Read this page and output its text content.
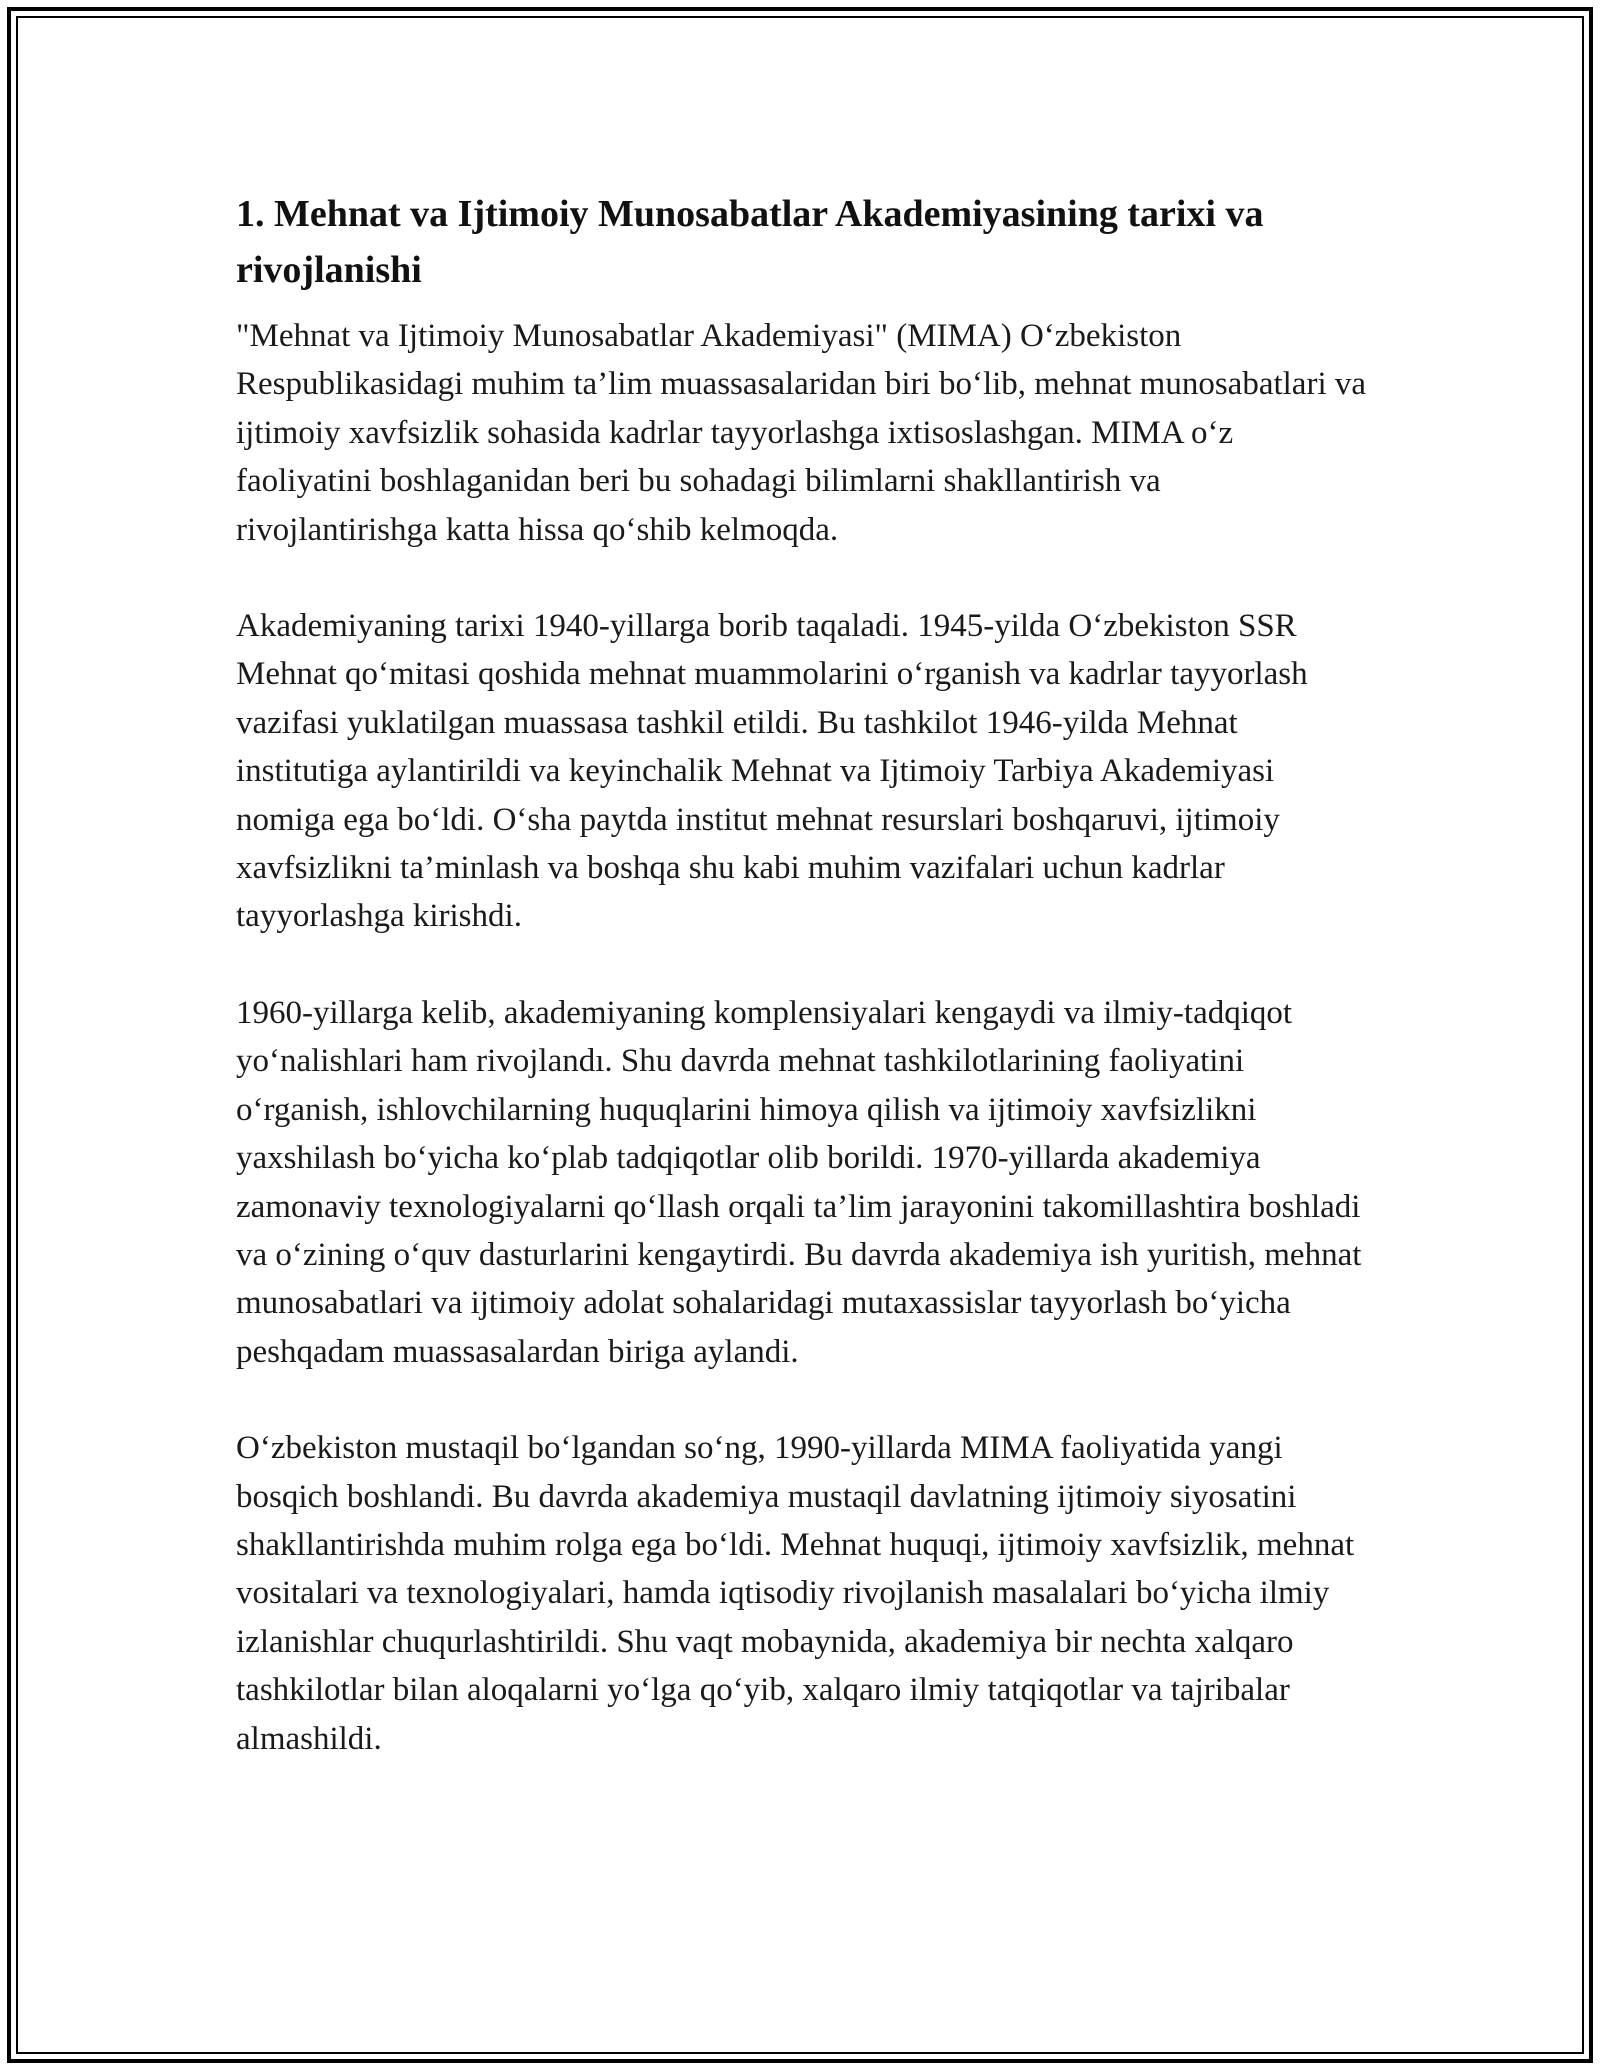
1. Mehnat va Ijtimoiy Munosabatlar Akademiyasining tarixi va rivojlanishi

"Mehnat va Ijtimoiy Munosabatlar Akademiyasi" (MIMA) O‘zbekiston Respublikasidagi muhim ta’lim muassasalaridan biri bo‘lib, mehnat munosabatlari va ijtimoiy xavfsizlik sohasida kadrlar tayyorlashga ixtisoslashgan. MIMA o‘z faoliyatini boshlaganidan beri bu sohadagi bilimlarni shakllantirish va rivojlantirishga katta hissa qo‘shib kelmoqda.

Akademiyaning tarixi 1940-yillarga borib taqaladi. 1945-yilda O‘zbekiston SSR Mehnat qo‘mitasi qoshida mehnat muammolarini o‘rganish va kadrlar tayyorlash vazifasi yuklatilgan muassasa tashkil etildi. Bu tashkilot 1946-yilda Mehnat institutiga aylantirildi va keyinchalik Mehnat va Ijtimoiy Tarbiya Akademiyasi nomiga ega bo‘ldi. O‘sha paytda institut mehnat resurslari boshqaruvi, ijtimoiy xavfsizlikni ta’minlash va boshqa shu kabi muhim vazifalari uchun kadrlar tayyorlashga kirishdi.

1960-yillarga kelib, akademiyaning komplensiyalari kengaydi va ilmiy-tadqiqot yo‘nalishlari ham rivojlandı. Shu davrda mehnat tashkilotlarining faoliyatini o‘rganish, ishlovchilarning huquqlarini himoya qilish va ijtimoiy xavfsizlikni yaxshilash bo‘yicha ko‘plab tadqiqotlar olib borildi. 1970-yillarda akademiya zamonaviy texnologiyalarni qo‘llash orqali ta’lim jarayonini takomillashtira boshladi va o‘zining o‘quv dasturlarini kengaytirdi. Bu davrda akademiya ish yuritish, mehnat munosabatlari va ijtimoiy adolat sohalaridagi mutaxassislar tayyorlash bo‘yicha peshqadam muassasalardan biriga aylandi.

O‘zbekiston mustaqil bo‘lgandan so‘ng, 1990-yillarda MIMA faoliyatida yangi bosqich boshlandi. Bu davrda akademiya mustaqil davlatning ijtimoiy siyosatini shakllantirishda muhim rolga ega bo‘ldi. Mehnat huquqi, ijtimoiy xavfsizlik, mehnat vositalari va texnologiyalari, hamda iqtisodiy rivojlanish masalalari bo‘yicha ilmiy izlanishlar chuqurlashtirildi. Shu vaqt mobaynida, akademiya bir nechta xalqaro tashkilotlar bilan aloqalarni yo‘lga qo‘yib, xalqaro ilmiy tatqiqotlar va tajribalar almashildi.
